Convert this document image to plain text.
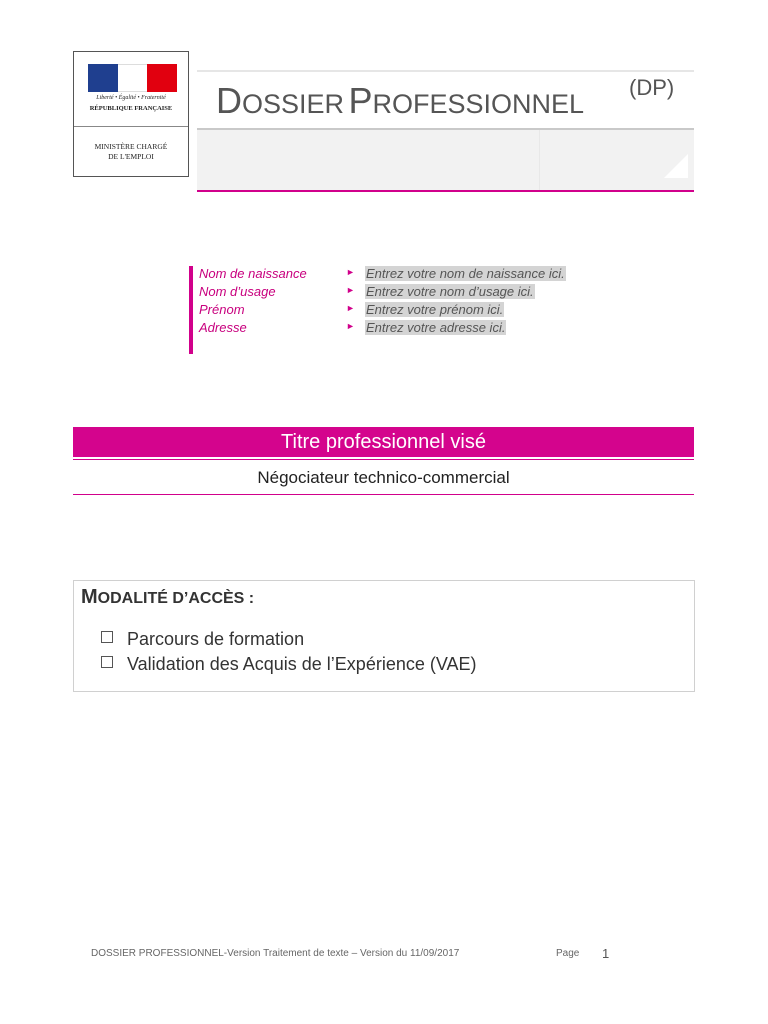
Liberté • Égalité • Fraternité
RÉPUBLIQUE FRANÇAISE
MINISTÈRE CHARGÉ
DE L'EMPLOI
DOSSIER PROFESSIONNEL
(DP)
Nom de naissance	► Entrez votre nom de naissance ici.
Nom d’usage	► Entrez votre nom d’usage ici.
Prénom	► Entrez votre prénom ici.
Adresse	► Entrez votre adresse ici.
Titre professionnel visé
Négociateur technico-commercial
MODALITÉ D’ACCÈS :
Parcours de formation
Validation des Acquis de l’Expérience (VAE)
DOSSIER PROFESSIONNEL-Version Traitement de texte – Version du 11/09/2017	Page 1
